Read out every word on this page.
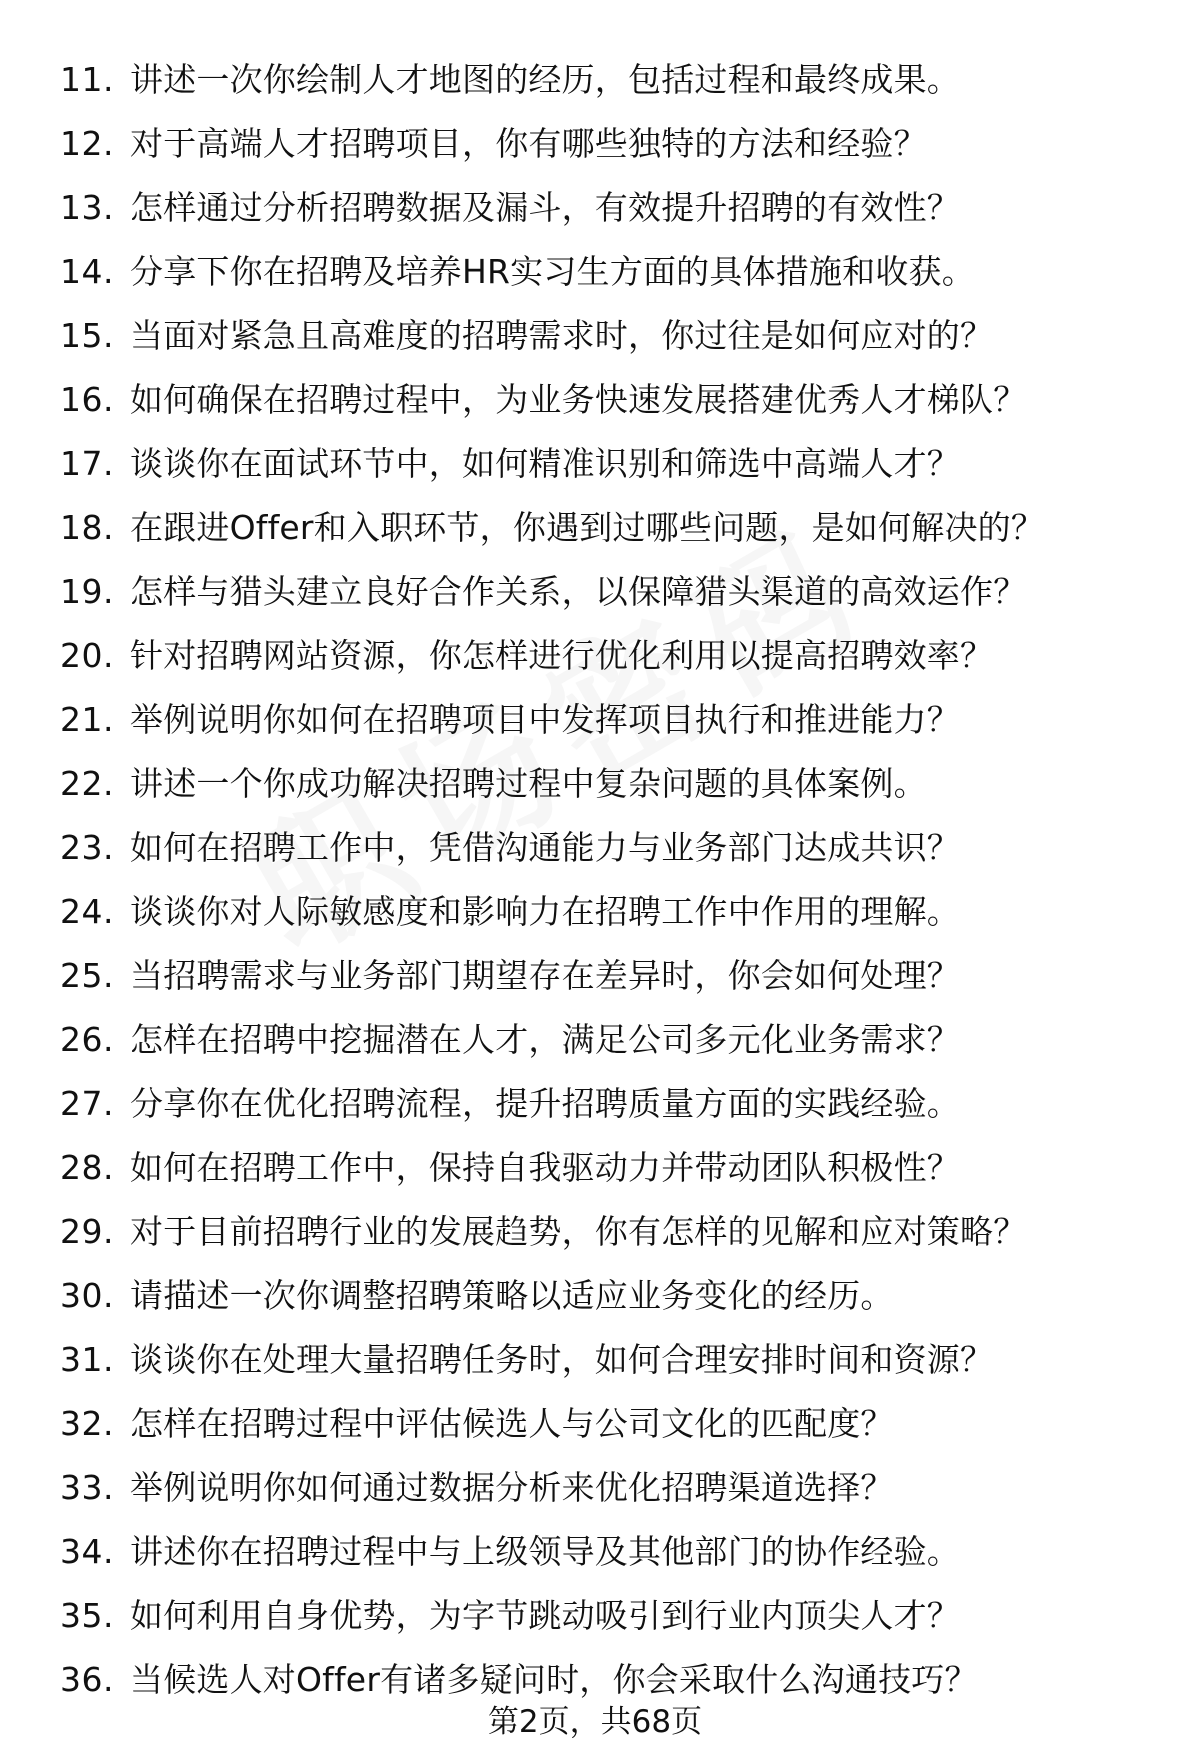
11. 讲述一次你绘制人才地图的经历，包括过程和最终成果。
12. 对于高端人才招聘项目，你有哪些独特的方法和经验？
13. 怎样通过分析招聘数据及漏斗，有效提升招聘的有效性？
14. 分享下你在招聘及培养HR实习生方面的具体措施和收获。
15. 当面对紧急且高难度的招聘需求时，你过往是如何应对的？
16. 如何确保在招聘过程中，为业务快速发展搭建优秀人才梯队？
17. 谈谈你在面试环节中，如何精准识别和筛选中高端人才？
18. 在跟进Offer和入职环节，你遇到过哪些问题，是如何解决的？
19. 怎样与猎头建立良好合作关系，以保障猎头渠道的高效运作？
20. 针对招聘网站资源，你怎样进行优化利用以提高招聘效率？
21. 举例说明你如何在招聘项目中发挥项目执行和推进能力？
22. 讲述一个你成功解决招聘过程中复杂问题的具体案例。
23. 如何在招聘工作中，凭借沟通能力与业务部门达成共识？
24. 谈谈你对人际敏感度和影响力在招聘工作中作用的理解。
25. 当招聘需求与业务部门期望存在差异时，你会如何处理？
26. 怎样在招聘中挖掘潜在人才，满足公司多元化业务需求？
27. 分享你在优化招聘流程，提升招聘质量方面的实践经验。
28. 如何在招聘工作中，保持自我驱动力并带动团队积极性？
29. 对于目前招聘行业的发展趋势，你有怎样的见解和应对策略？
30. 请描述一次你调整招聘策略以适应业务变化的经历。
31. 谈谈你在处理大量招聘任务时，如何合理安排时间和资源？
32. 怎样在招聘过程中评估候选人与公司文化的匹配度？
33. 举例说明你如何通过数据分析来优化招聘渠道选择？
34. 讲述你在招聘过程中与上级领导及其他部门的协作经验。
35. 如何利用自身优势，为字节跳动吸引到行业内顶尖人才？
36. 当候选人对Offer有诸多疑问时，你会采取什么沟通技巧？
第2页，共68页
